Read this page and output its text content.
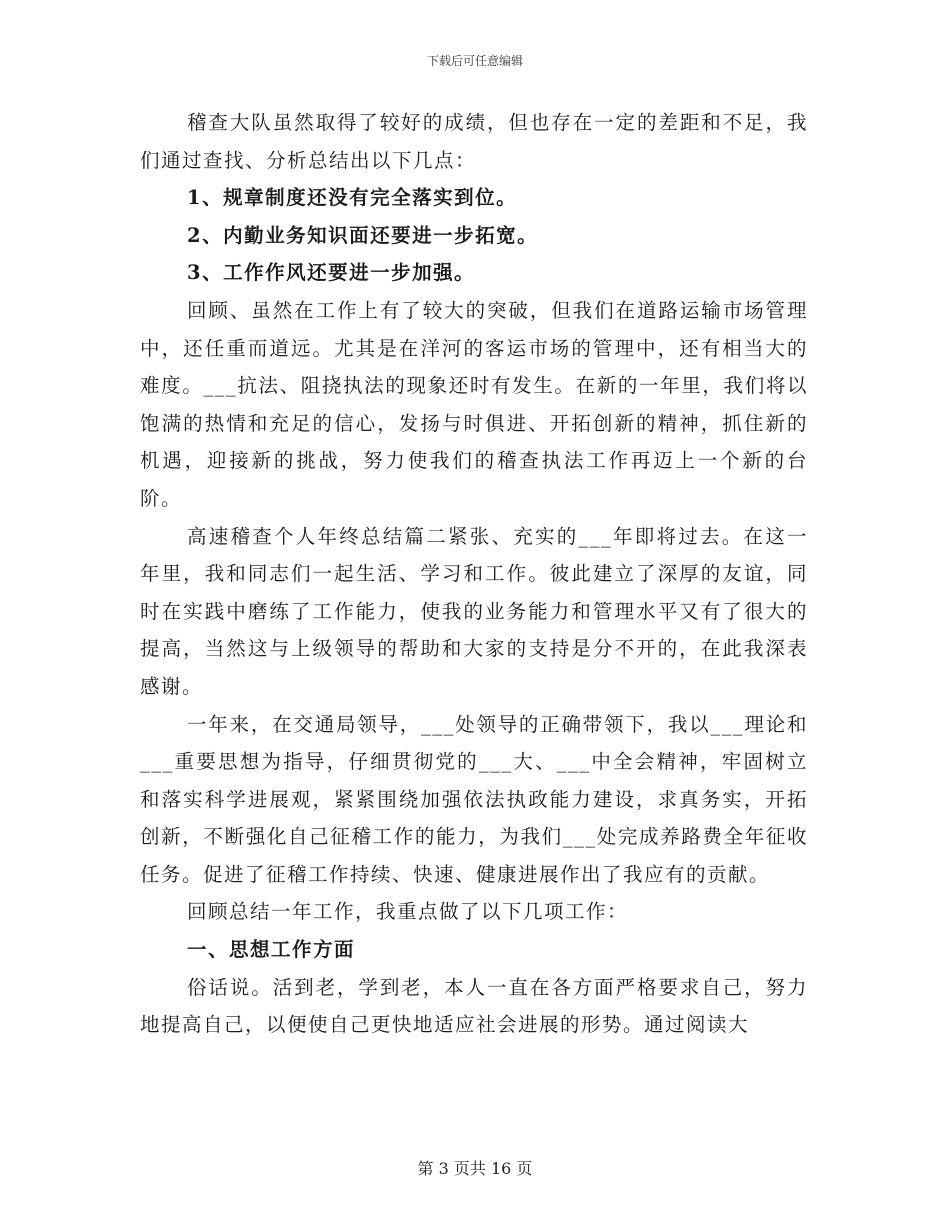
下载后可任意编辑

稽查大队虽然取得了较好的成绩，但也存在一定的差距和不足，我们通过查找、分析总结出以下几点：

1、规章制度还没有完全落实到位。

2、内勤业务知识面还要进一步拓宽。

3、工作作风还要进一步加强。

回顾、虽然在工作上有了较大的突破，但我们在道路运输市场管理中，还任重而道远。尤其是在洋河的客运市场的管理中，还有相当大的难度。___抗法、阻挠执法的现象还时有发生。在新的一年里，我们将以饱满的热情和充足的信心，发扬与时俱进、开拓创新的精神，抓住新的机遇，迎接新的挑战，努力使我们的稽查执法工作再迈上一个新的台阶。

高速稽查个人年终总结篇二紧张、充实的___年即将过去。在这一年里，我和同志们一起生活、学习和工作。彼此建立了深厚的友谊，同时在实践中磨练了工作能力，使我的业务能力和管理水平又有了很大的提高，当然这与上级领导的帮助和大家的支持是分不开的，在此我深表感谢。

一年来，在交通局领导，___处领导的正确带领下，我以___理论和___重要思想为指导，仔细贯彻党的___大、___中全会精神，牢固树立和落实科学进展观，紧紧围绕加强依法执政能力建设，求真务实，开拓创新，不断强化自己征稽工作的能力，为我们___处完成养路费全年征收任务。促进了征稽工作持续、快速、健康进展作出了我应有的贡献。

回顾总结一年工作，我重点做了以下几项工作：

一、思想工作方面

俗话说。活到老，学到老，本人一直在各方面严格要求自己，努力地提高自己，以便使自己更快地适应社会进展的形势。通过阅读大

第 3 页共 16 页
